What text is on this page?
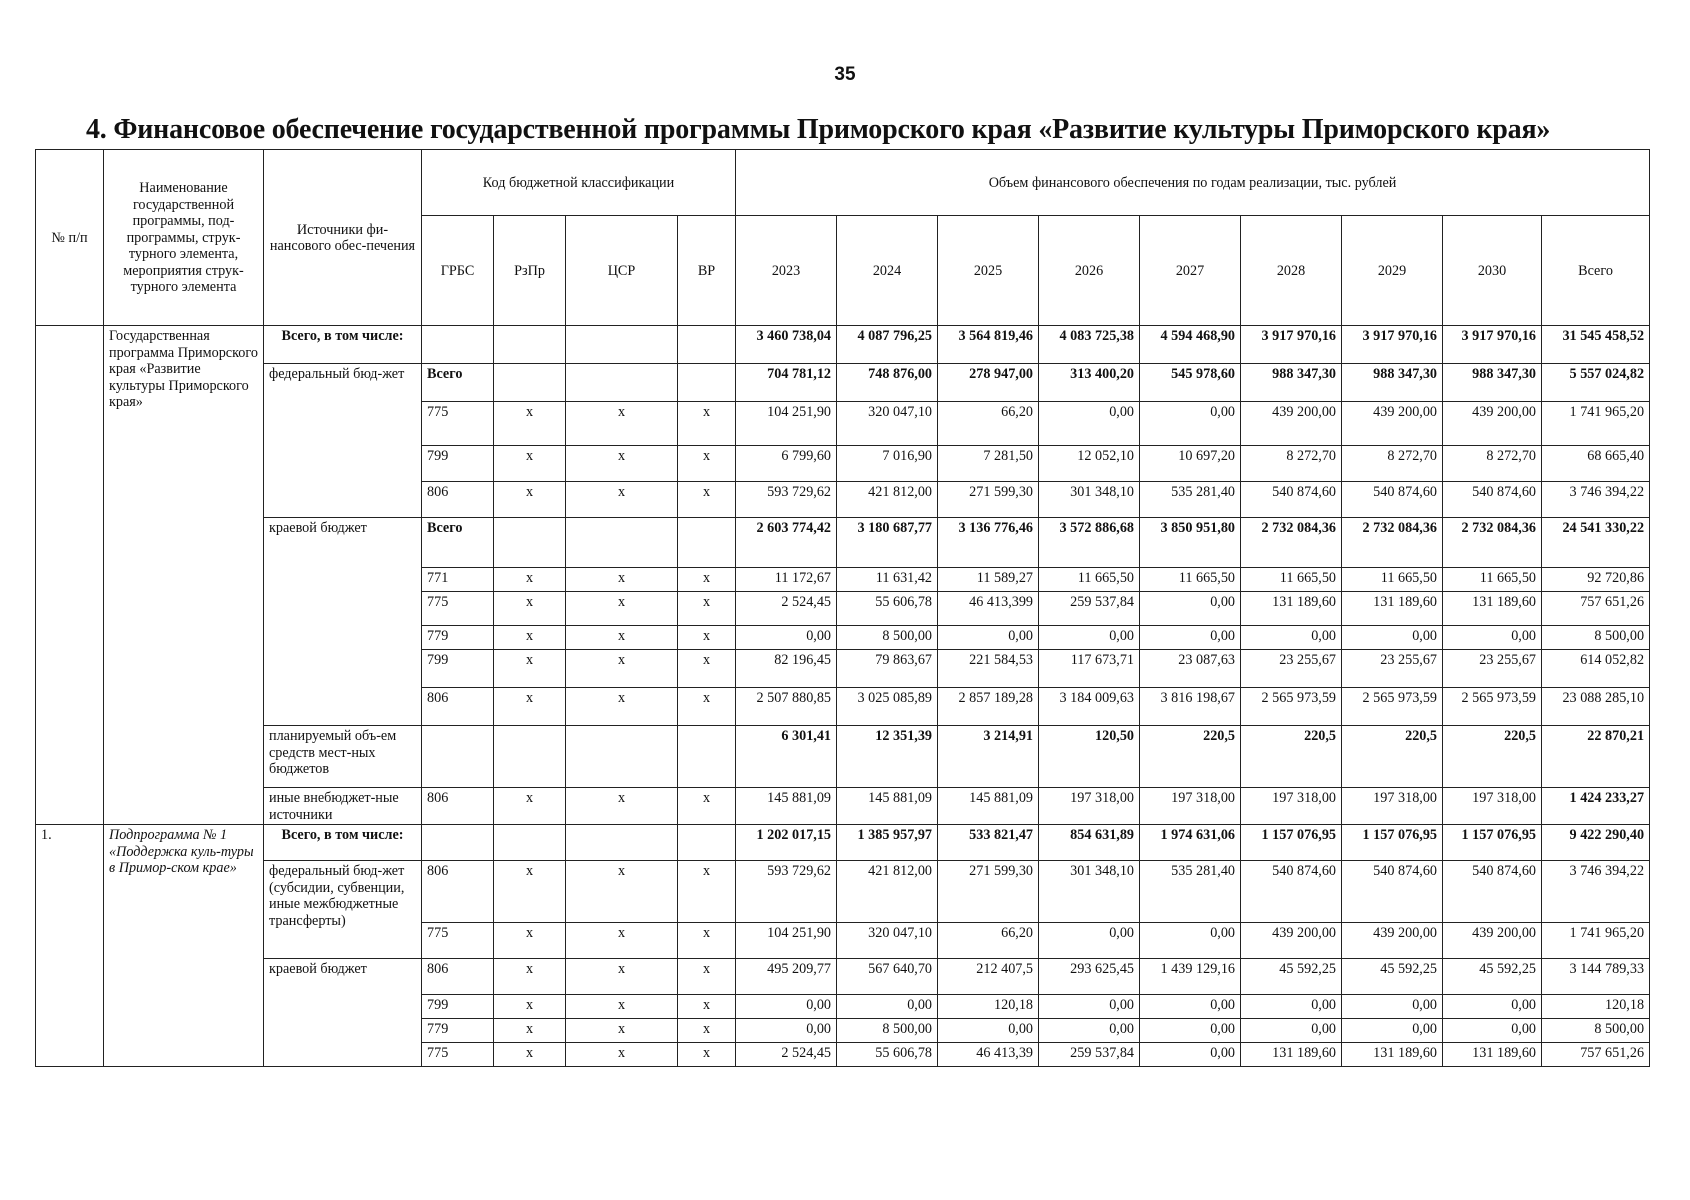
35
4. Финансовое обеспечение государственной программы Приморского края «Развитие культуры Приморского края»
№ п/п	Наименование государственной программы, под-программы, струк-турного элемента, мероприятия струк-турного элемента	Источники фи-нансового обес-печения	Код бюджетной классификации				Объем финансового обеспечения по годам реализации, тыс. рублей								
			ГРБС	РзПр	ЦСР	ВР	2023	2024	2025	2026	2027	2028	2029	2030	Всего
	Государственная программа Приморского края «Развитие культуры Приморского края»	Всего, в том числе:					3 460 738,04	4 087 796,25	3 564 819,46	4 083 725,38	4 594 468,90	3 917 970,16	3 917 970,16	3 917 970,16	31 545 458,52
		федеральный бюд-жет	Всего				704 781,12	748 876,00	278 947,00	313 400,20	545 978,60	988 347,30	988 347,30	988 347,30	5 557 024,82
			775	x	x	x	104 251,90	320 047,10	66,20	0,00	0,00	439 200,00	439 200,00	439 200,00	1 741 965,20
			799	x	x	x	6 799,60	7 016,90	7 281,50	12 052,10	10 697,20	8 272,70	8 272,70	8 272,70	68 665,40
			806	x	x	x	593 729,62	421 812,00	271 599,30	301 348,10	535 281,40	540 874,60	540 874,60	540 874,60	3 746 394,22
		краевой бюджет	Всего				2 603 774,42	3 180 687,77	3 136 776,46	3 572 886,68	3 850 951,80	2 732 084,36	2 732 084,36	2 732 084,36	24 541 330,22
			771	x	x	x	11 172,67	11 631,42	11 589,27	11 665,50	11 665,50	11 665,50	11 665,50	11 665,50	92 720,86
			775	x	x	x	2 524,45	55 606,78	46 413,399	259 537,84	0,00	131 189,60	131 189,60	131 189,60	757 651,26
			779	x	x	x	0,00	8 500,00	0,00	0,00	0,00	0,00	0,00	0,00	8 500,00
			799	x	x	x	82 196,45	79 863,67	221 584,53	117 673,71	23 087,63	23 255,67	23 255,67	23 255,67	614 052,82
			806	x	x	x	2 507 880,85	3 025 085,89	2 857 189,28	3 184 009,63	3 816 198,67	2 565 973,59	2 565 973,59	2 565 973,59	23 088 285,10
		планируемый объ-ем средств мест-ных бюджетов					6 301,41	12 351,39	3 214,91	120,50	220,5	220,5	220,5	220,5	22 870,21
		иные внебюджет-ные источники	806	x	x	x	145 881,09	145 881,09	145 881,09	197 318,00	197 318,00	197 318,00	197 318,00	197 318,00	1 424 233,27
1.	Подпрограмма № 1 «Поддержка куль-туры в Примор-ском крае»	Всего, в том числе:					1 202 017,15	1 385 957,97	533 821,47	854 631,89	1 974 631,06	1 157 076,95	1 157 076,95	1 157 076,95	9 422 290,40
		федеральный бюд-жет (субсидии, субвенции, иные межбюджетные трансферты)	806	x	x	x	593 729,62	421 812,00	271 599,30	301 348,10	535 281,40	540 874,60	540 874,60	540 874,60	3 746 394,22
			775	x	x	x	104 251,90	320 047,10	66,20	0,00	0,00	439 200,00	439 200,00	439 200,00	1 741 965,20
		краевой бюджет	806	x	x	x	495 209,77	567 640,70	212 407,5	293 625,45	1 439 129,16	45 592,25	45 592,25	45 592,25	3 144 789,33
			799	x	x	x	0,00	0,00	120,18	0,00	0,00	0,00	0,00	0,00	120,18
			779	x	x	x	0,00	8 500,00	0,00	0,00	0,00	0,00	0,00	0,00	8 500,00
			775	x	x	x	2 524,45	55 606,78	46 413,39	259 537,84	0,00	131 189,60	131 189,60	131 189,60	757 651,26
